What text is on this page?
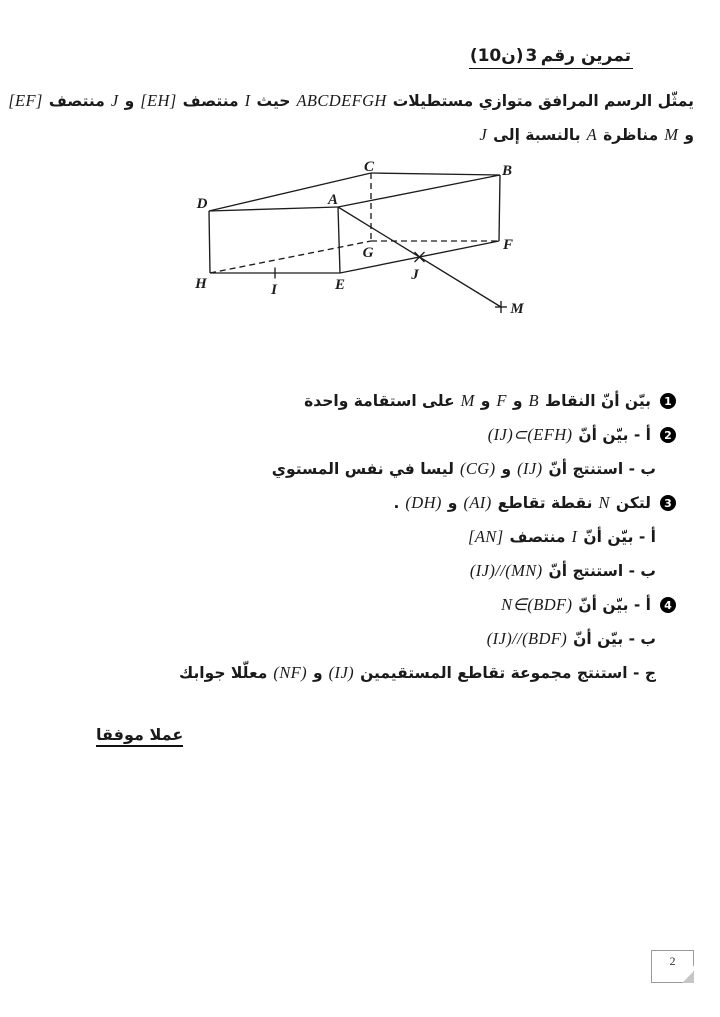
تمرين رقم3(10ن)
يمثّل الرسم المرافق متوازي مستطيلات
ABCDEFGH
حيث
I
منتصف
[EH]
و
J
منتصف
[EF]
و
M
مناظرة
A
بالنسبة إلى
J
A
B
C
D
E
F
G
H	I
J
M
1
بيّن أنّ النقاط
B
و
F
و
M
على استقامة واحدة
2
أ - بيّن أنّ
(IJ)⊂(EFH)
ب - استنتج أنّ
(IJ)
و
(CG)
ليسا في نفس المستوي
3
لتكن
N
نقطة تقاطع
(AI)
و
(DH)
.
أ - بيّن أنّ
I
منتصف
[AN]
ب - استنتج أنّ
(IJ)//(MN)
4
أ - بيّن أنّ
N∈(BDF)
ب - بيّن أنّ
(IJ)//(BDF)
ج - استنتج مجموعة تقاطع المستقيمين
(IJ)
و
(NF)
معلّلا جوابك
عملا موفقا
2
